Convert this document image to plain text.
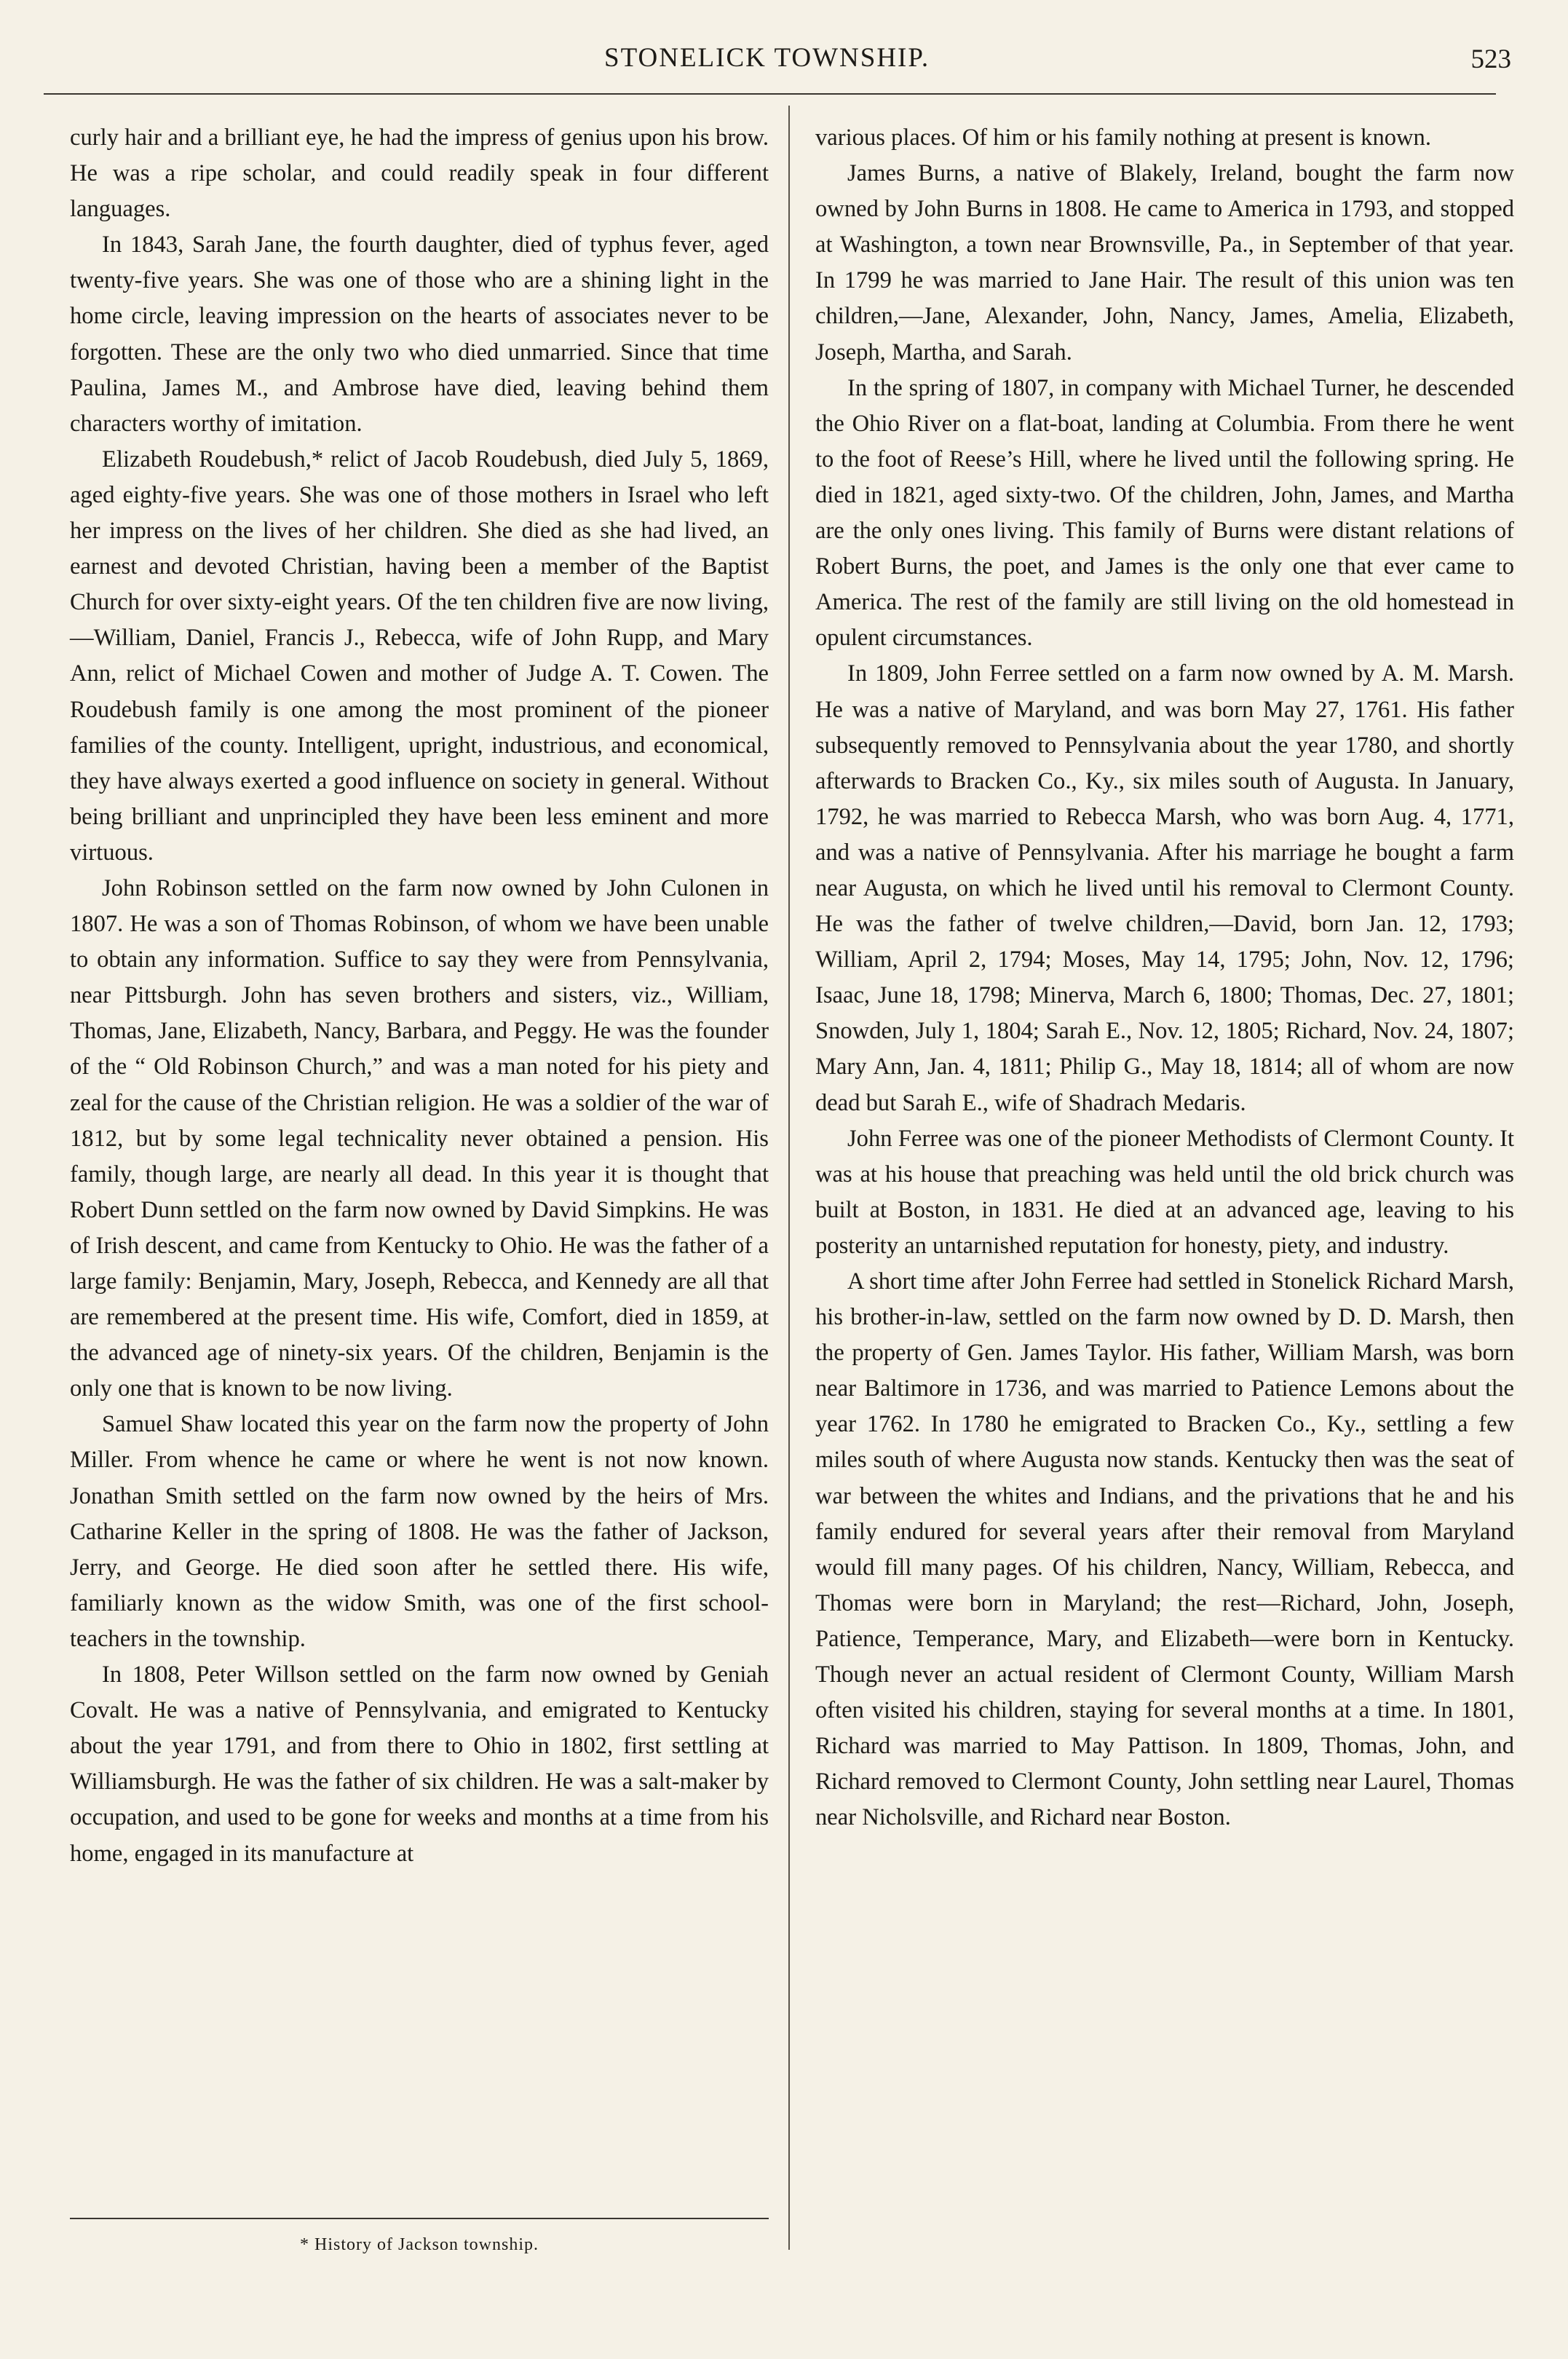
STONELICK TOWNSHIP.	523

curly hair and a brilliant eye, he had the impress of genius upon his brow. He was a ripe scholar, and could readily speak in four different languages.

In 1843, Sarah Jane, the fourth daughter, died of typhus fever, aged twenty-five years. She was one of those who are a shining light in the home circle, leaving impression on the hearts of associates never to be forgotten. These are the only two who died unmarried. Since that time Paulina, James M., and Ambrose have died, leaving behind them characters worthy of imitation.

Elizabeth Roudebush,* relict of Jacob Roudebush, died July 5, 1869, aged eighty-five years. She was one of those mothers in Israel who left her impress on the lives of her children. She died as she had lived, an earnest and devoted Christian, having been a member of the Baptist Church for over sixty-eight years. Of the ten children five are now living,—William, Daniel, Francis J., Rebecca, wife of John Rupp, and Mary Ann, relict of Michael Cowen and mother of Judge A. T. Cowen. The Roudebush family is one among the most prominent of the pioneer families of the county. Intelligent, upright, industrious, and economical, they have always exerted a good influence on society in general. Without being brilliant and unprincipled they have been less eminent and more virtuous.

John Robinson settled on the farm now owned by John Culonen in 1807. He was a son of Thomas Robinson, of whom we have been unable to obtain any information. Suffice to say they were from Pennsylvania, near Pittsburgh. John has seven brothers and sisters, viz., William, Thomas, Jane, Elizabeth, Nancy, Barbara, and Peggy. He was the founder of the “ Old Robinson Church,” and was a man noted for his piety and zeal for the cause of the Christian religion. He was a soldier of the war of 1812, but by some legal technicality never obtained a pension. His family, though large, are nearly all dead. In this year it is thought that Robert Dunn settled on the farm now owned by David Simpkins. He was of Irish descent, and came from Kentucky to Ohio. He was the father of a large family: Benjamin, Mary, Joseph, Rebecca, and Kennedy are all that are remembered at the present time. His wife, Comfort, died in 1859, at the advanced age of ninety-six years. Of the children, Benjamin is the only one that is known to be now living.

Samuel Shaw located this year on the farm now the property of John Miller. From whence he came or where he went is not now known. Jonathan Smith settled on the farm now owned by the heirs of Mrs. Catharine Keller in the spring of 1808. He was the father of Jackson, Jerry, and George. He died soon after he settled there. His wife, familiarly known as the widow Smith, was one of the first school-teachers in the township.

In 1808, Peter Willson settled on the farm now owned by Geniah Covalt. He was a native of Pennsylvania, and emigrated to Kentucky about the year 1791, and from there to Ohio in 1802, first settling at Williamsburgh. He was the father of six children. He was a salt-maker by occupation, and used to be gone for weeks and months at a time from his home, engaged in its manufacture at

various places. Of him or his family nothing at present is known.

James Burns, a native of Blakely, Ireland, bought the farm now owned by John Burns in 1808. He came to America in 1793, and stopped at Washington, a town near Brownsville, Pa., in September of that year. In 1799 he was married to Jane Hair. The result of this union was ten children,—Jane, Alexander, John, Nancy, James, Amelia, Elizabeth, Joseph, Martha, and Sarah.

In the spring of 1807, in company with Michael Turner, he descended the Ohio River on a flat-boat, landing at Columbia. From there he went to the foot of Reese’s Hill, where he lived until the following spring. He died in 1821, aged sixty-two. Of the children, John, James, and Martha are the only ones living. This family of Burns were distant relations of Robert Burns, the poet, and James is the only one that ever came to America. The rest of the family are still living on the old homestead in opulent circumstances.

In 1809, John Ferree settled on a farm now owned by A. M. Marsh. He was a native of Maryland, and was born May 27, 1761. His father subsequently removed to Pennsylvania about the year 1780, and shortly afterwards to Bracken Co., Ky., six miles south of Augusta. In January, 1792, he was married to Rebecca Marsh, who was born Aug. 4, 1771, and was a native of Pennsylvania. After his marriage he bought a farm near Augusta, on which he lived until his removal to Clermont County. He was the father of twelve children,—David, born Jan. 12, 1793; William, April 2, 1794; Moses, May 14, 1795; John, Nov. 12, 1796; Isaac, June 18, 1798; Minerva, March 6, 1800; Thomas, Dec. 27, 1801; Snowden, July 1, 1804; Sarah E., Nov. 12, 1805; Richard, Nov. 24, 1807; Mary Ann, Jan. 4, 1811; Philip G., May 18, 1814; all of whom are now dead but Sarah E., wife of Shadrach Medaris.

John Ferree was one of the pioneer Methodists of Clermont County. It was at his house that preaching was held until the old brick church was built at Boston, in 1831. He died at an advanced age, leaving to his posterity an untarnished reputation for honesty, piety, and industry.

A short time after John Ferree had settled in Stonelick Richard Marsh, his brother-in-law, settled on the farm now owned by D. D. Marsh, then the property of Gen. James Taylor. His father, William Marsh, was born near Baltimore in 1736, and was married to Patience Lemons about the year 1762. In 1780 he emigrated to Bracken Co., Ky., settling a few miles south of where Augusta now stands. Kentucky then was the seat of war between the whites and Indians, and the privations that he and his family endured for several years after their removal from Maryland would fill many pages. Of his children, Nancy, William, Rebecca, and Thomas were born in Maryland; the rest—Richard, John, Joseph, Patience, Temperance, Mary, and Elizabeth—were born in Kentucky. Though never an actual resident of Clermont County, William Marsh often visited his children, staying for several months at a time. In 1801, Richard was married to May Pattison. In 1809, Thomas, John, and Richard removed to Clermont County, John settling near Laurel, Thomas near Nicholsville, and Richard near Boston.

* History of Jackson township.
